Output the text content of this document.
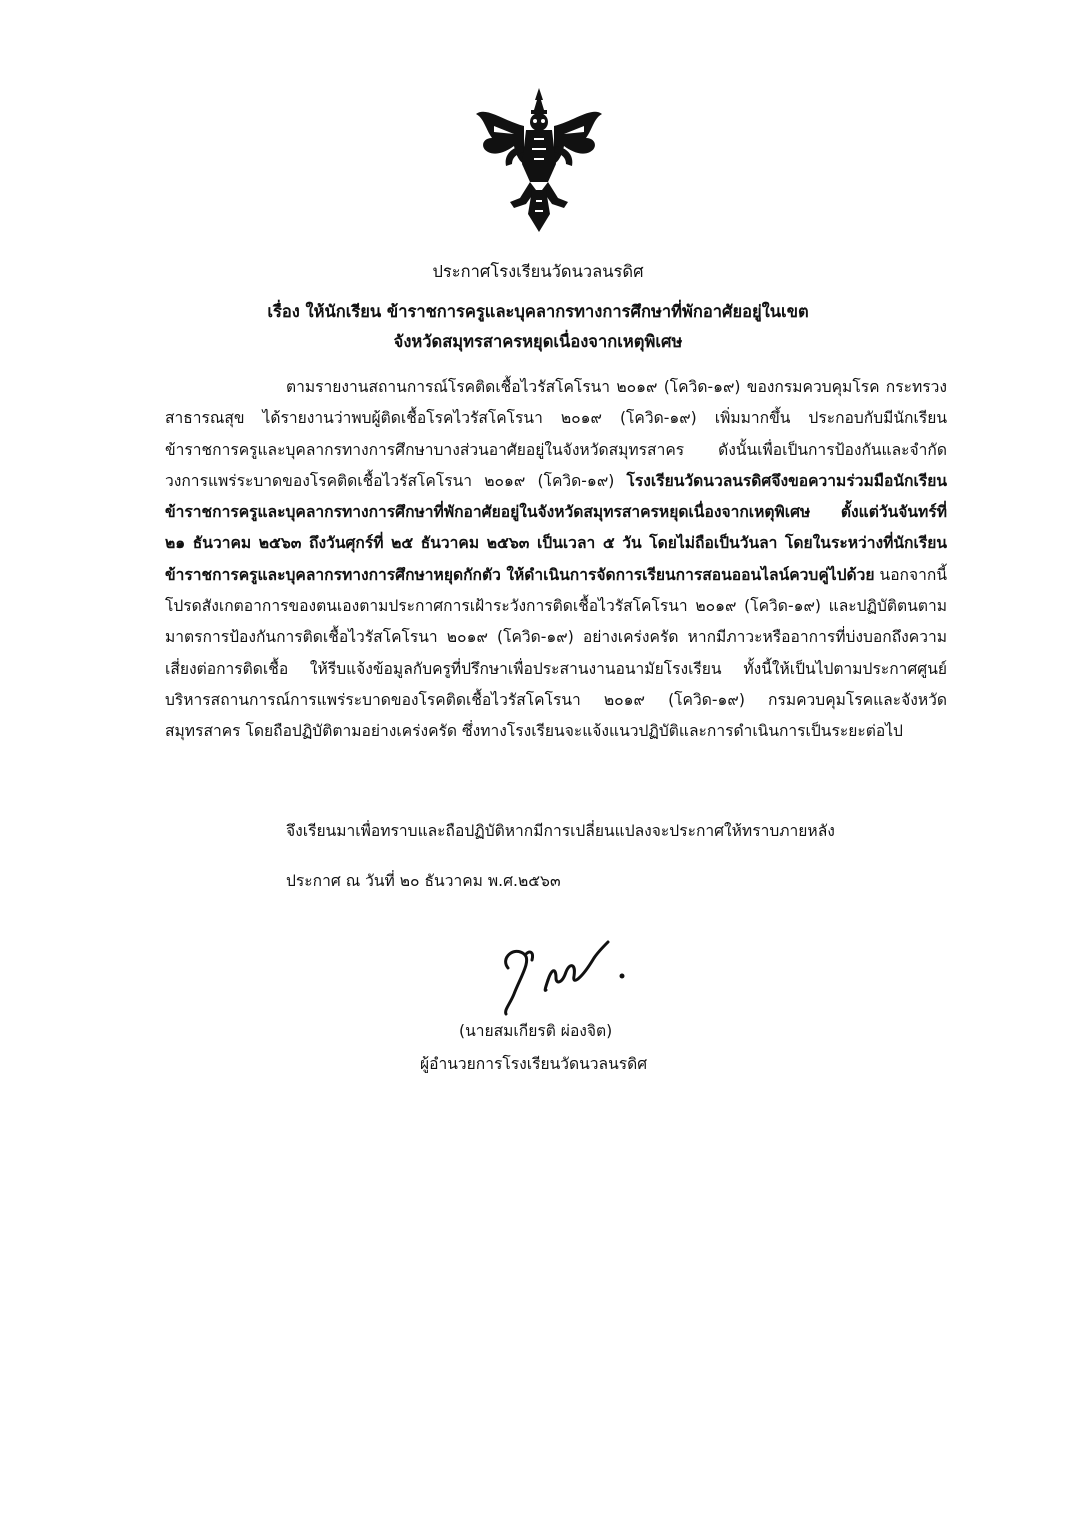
ประกาศโรงเรียนวัดนวลนรดิศ
เรื่อง ให้นักเรียน ข้าราชการครูและบุคลากรทางการศึกษาที่พักอาศัยอยู่ในเขต
จังหวัดสมุทรสาครหยุดเนื่องจากเหตุพิเศษ
ตามรายงานสถานการณ์โรคติดเชื้อไวรัสโคโรนา ๒๐๑๙ (โควิด-๑๙) ของกรมควบคุมโรค กระทรวงสาธารณสุข ได้รายงานว่าพบผู้ติดเชื้อโรคไวรัสโคโรนา ๒๐๑๙ (โควิด-๑๙) เพิ่มมากขึ้น ประกอบกับมีนักเรียน ข้าราชการครูและบุคลากรทางการศึกษาบางส่วนอาศัยอยู่ในจังหวัดสมุทรสาคร ดังนั้นเพื่อเป็นการป้องกันและจำกัดวงการแพร่ระบาดของโรคติดเชื้อไวรัสโคโรนา ๒๐๑๙ (โควิด-๑๙) โรงเรียนวัดนวลนรดิศจึงขอความร่วมมือนักเรียน ข้าราชการครูและบุคลากรทางการศึกษาที่พักอาศัยอยู่ในจังหวัดสมุทรสาครหยุดเนื่องจากเหตุพิเศษ ตั้งแต่วันจันทร์ที่ ๒๑ ธันวาคม ๒๕๖๓ ถึงวันศุกร์ที่ ๒๕ ธันวาคม ๒๕๖๓ เป็นเวลา ๕ วัน โดยไม่ถือเป็นวันลา โดยในระหว่างที่นักเรียน ข้าราชการครูและบุคลากรทางการศึกษาหยุดกักตัว ให้ดำเนินการจัดการเรียนการสอนออนไลน์ควบคู่ไปด้วย นอกจากนี้โปรดสังเกตอาการของตนเองตามประกาศการเฝ้าระวังการติดเชื้อไวรัสโคโรนา ๒๐๑๙ (โควิด-๑๙) และปฏิบัติตนตามมาตรการป้องกันการติดเชื้อไวรัสโคโรนา ๒๐๑๙ (โควิด-๑๙) อย่างเคร่งครัด หากมีภาวะหรืออาการที่บ่งบอกถึงความเสี่ยงต่อการติดเชื้อ ให้รีบแจ้งข้อมูลกับครูที่ปรึกษาเพื่อประสานงานอนามัยโรงเรียน ทั้งนี้ให้เป็นไปตามประกาศศูนย์บริหารสถานการณ์การแพร่ระบาดของโรคติดเชื้อไวรัสโคโรนา ๒๐๑๙ (โควิด-๑๙) กรมควบคุมโรคและจังหวัดสมุทรสาคร โดยถือปฏิบัติตามอย่างเคร่งครัด ซึ่งทางโรงเรียนจะแจ้งแนวปฏิบัติและการดำเนินการเป็นระยะต่อไป
จึงเรียนมาเพื่อทราบและถือปฏิบัติหากมีการเปลี่ยนแปลงจะประกาศให้ทราบภายหลัง
ประกาศ ณ วันที่ ๒๐ ธันวาคม พ.ศ.๒๕๖๓
(นายสมเกียรติ ผ่องจิต)
ผู้อำนวยการโรงเรียนวัดนวลนรดิศ
